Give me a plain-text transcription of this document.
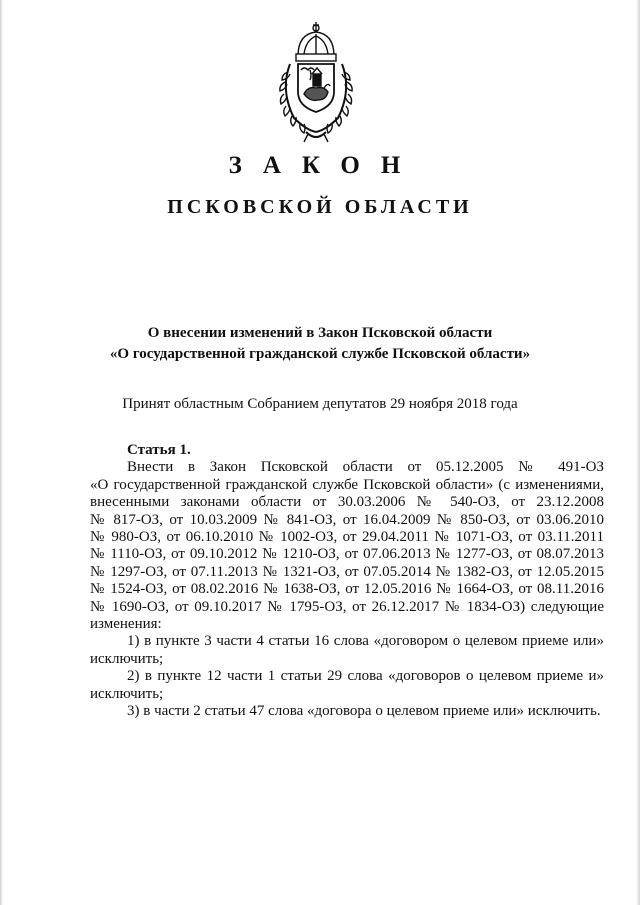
ЗАКОН
ПСКОВСКОЙ ОБЛАСТИ
О внесении изменений в Закон Псковской области
«О государственной гражданской службе Псковской области»
Принят областным Собранием депутатов 29 ноября 2018 года
Статья 1.
Внести в Закон Псковской области от 05.12.2005 № 491-ОЗ
«О государственной гражданской службе Псковской области» (с изменениями,
внесенными законами области от 30.03.2006 № 540-ОЗ, от 23.12.2008
№ 817-ОЗ, от 10.03.2009 № 841-ОЗ, от 16.04.2009 № 850-ОЗ, от 03.06.2010
№ 980-ОЗ, от 06.10.2010 № 1002-ОЗ, от 29.04.2011 № 1071-ОЗ, от 03.11.2011
№ 1110-ОЗ, от 09.10.2012 № 1210-ОЗ, от 07.06.2013 № 1277-ОЗ, от 08.07.2013
№ 1297-ОЗ, от 07.11.2013 № 1321-ОЗ, от 07.05.2014 № 1382-ОЗ, от 12.05.2015
№ 1524-ОЗ, от 08.02.2016 № 1638-ОЗ, от 12.05.2016 № 1664-ОЗ, от 08.11.2016
№ 1690-ОЗ, от 09.10.2017 № 1795-ОЗ, от 26.12.2017 № 1834-ОЗ) следующие
изменения:
1) в пункте 3 части 4 статьи 16 слова «договором о целевом приеме или»
исключить;
2) в пункте 12 части 1 статьи 29 слова «договоров о целевом приеме и»
исключить;
3) в части 2 статьи 47 слова «договора о целевом приеме или» исключить.
